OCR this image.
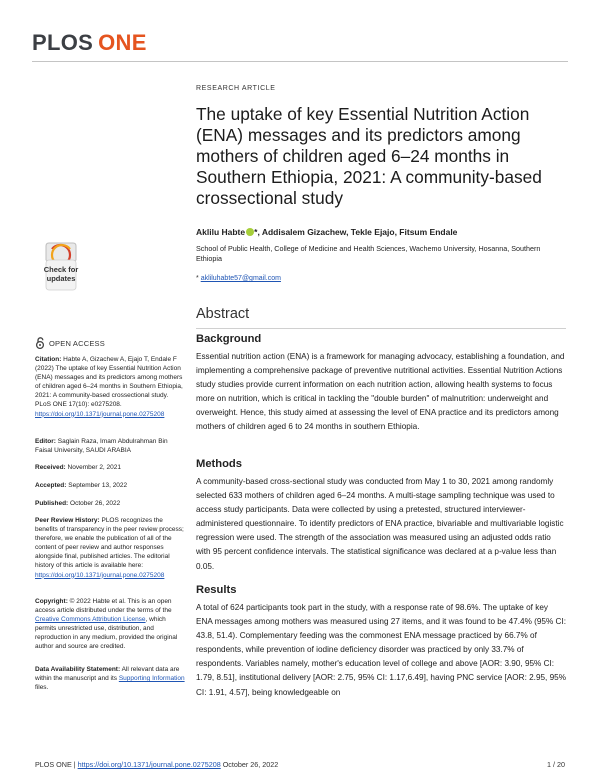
PLOS ONE
RESEARCH ARTICLE
The uptake of key Essential Nutrition Action (ENA) messages and its predictors among mothers of children aged 6–24 months in Southern Ethiopia, 2021: A community-based crossectional study
Aklilu Habte *, Addisalem Gizachew, Tekle Ejajo, Fitsum Endale
School of Public Health, College of Medicine and Health Sciences, Wachemo University, Hosanna, Southern Ethiopia
* akliluhabte57@gmail.com
Abstract
Background
Essential nutrition action (ENA) is a framework for managing advocacy, establishing a foundation, and implementing a comprehensive package of preventive nutritional activities. Essential Nutrition Actions study studies provide current information on each nutrition action, allowing health systems to focus more on nutrition, which is critical in tackling the "double burden" of malnutrition: underweight and overweight. Hence, this study aimed at assessing the level of ENA practice and its predictors among mothers of children aged 6 to 24 months in southern Ethiopia.
Methods
A community-based cross-sectional study was conducted from May 1 to 30, 2021 among randomly selected 633 mothers of children aged 6–24 months. A multi-stage sampling technique was used to access study participants. Data were collected by using a pretested, structured interviewer-administered questionnaire. To identify predictors of ENA practice, bivariable and multivariable logistic regression were used. The strength of the association was measured using an adjusted odds ratio with 95 percent confidence intervals. The statistical significance was declared at a p-value less than 0.05.
Results
A total of 624 participants took part in the study, with a response rate of 98.6%. The uptake of key ENA messages among mothers was measured using 27 items, and it was found to be 47.4% (95% CI: 43.8, 51.4). Complementary feeding was the commonest ENA message practiced by 66.7% of respondents, while prevention of iodine deficiency disorder was practiced by only 33.7% of respondents. Variables namely, mother's education level of college and above [AOR: 3.90, 95% CI: 1.79, 8.51], institutional delivery [AOR: 2.75, 95% CI: 1.17,6.49], having PNC service [AOR: 2.95, 95% CI: 1.91, 4.57], being knowledgeable on
Check for
updates
OPEN ACCESS
Citation: Habte A, Gizachew A, Ejajo T, Endale F (2022) The uptake of key Essential Nutrition Action (ENA) messages and its predictors among mothers of children aged 6–24 months in Southern Ethiopia, 2021: A community-based crossectional study. PLoS ONE 17(10): e0275208. https://doi.org/10.1371/journal.pone.0275208
Editor: Saglain Raza, Imam Abdulrahman Bin Faisal University, SAUDI ARABIA
Received: November 2, 2021
Accepted: September 13, 2022
Published: October 26, 2022
Peer Review History: PLOS recognizes the benefits of transparency in the peer review process; therefore, we enable the publication of all of the content of peer review and author responses alongside final, published articles. The editorial history of this article is available here: https://doi.org/10.1371/journal.pone.0275208
Copyright: © 2022 Habte et al. This is an open access article distributed under the terms of the Creative Commons Attribution License, which permits unrestricted use, distribution, and reproduction in any medium, provided the original author and source are credited.
Data Availability Statement: All relevant data are within the manuscript and its Supporting Information files.
PLOS ONE | https://doi.org/10.1371/journal.pone.0275208 October 26, 2022	1 / 20
